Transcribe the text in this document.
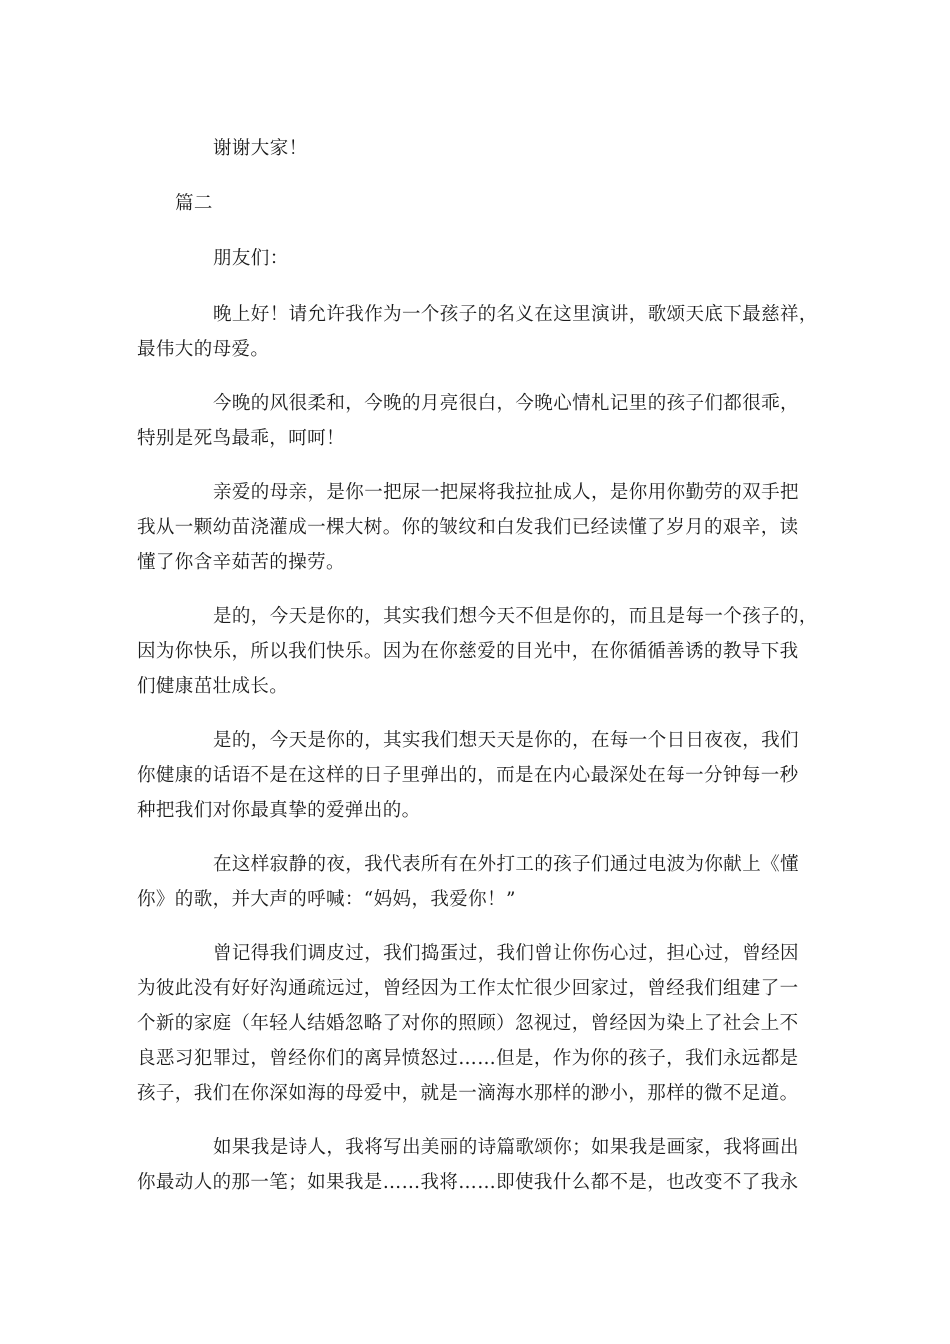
谢谢大家！
篇二
朋友们：
晚上好！请允许我作为一个孩子的名义在这里演讲，歌颂天底下最慈祥，
最伟大的母爱。
今晚的风很柔和，今晚的月亮很白，今晚心情札记里的孩子们都很乖，
特别是死鸟最乖，呵呵！
亲爱的母亲，是你一把尿一把屎将我拉扯成人，是你用你勤劳的双手把
我从一颗幼苗浇灌成一棵大树。你的皱纹和白发我们已经读懂了岁月的艰辛，读
懂了你含辛茹苦的操劳。
是的，今天是你的，其实我们想今天不但是你的，而且是每一个孩子的，
因为你快乐，所以我们快乐。因为在你慈爱的目光中，在你循循善诱的教导下我
们健康茁壮成长。
是的，今天是你的，其实我们想天天是你的，在每一个日日夜夜，我们
你健康的话语不是在这样的日子里弹出的，而是在内心最深处在每一分钟每一秒
种把我们对你最真挚的爱弹出的。
在这样寂静的夜，我代表所有在外打工的孩子们通过电波为你献上《懂
你》的歌，并大声的呼喊：“妈妈，我爱你！”
曾记得我们调皮过，我们捣蛋过，我们曾让你伤心过，担心过，曾经因
为彼此没有好好沟通疏远过，曾经因为工作太忙很少回家过，曾经我们组建了一
个新的家庭（年轻人结婚忽略了对你的照顾）忽视过，曾经因为染上了社会上不
良恶习犯罪过，曾经你们的离异愤怒过……但是，作为你的孩子，我们永远都是
孩子，我们在你深如海的母爱中，就是一滴海水那样的渺小，那样的微不足道。
如果我是诗人，我将写出美丽的诗篇歌颂你；如果我是画家，我将画出
你最动人的那一笔；如果我是……我将……即使我什么都不是，也改变不了我永
